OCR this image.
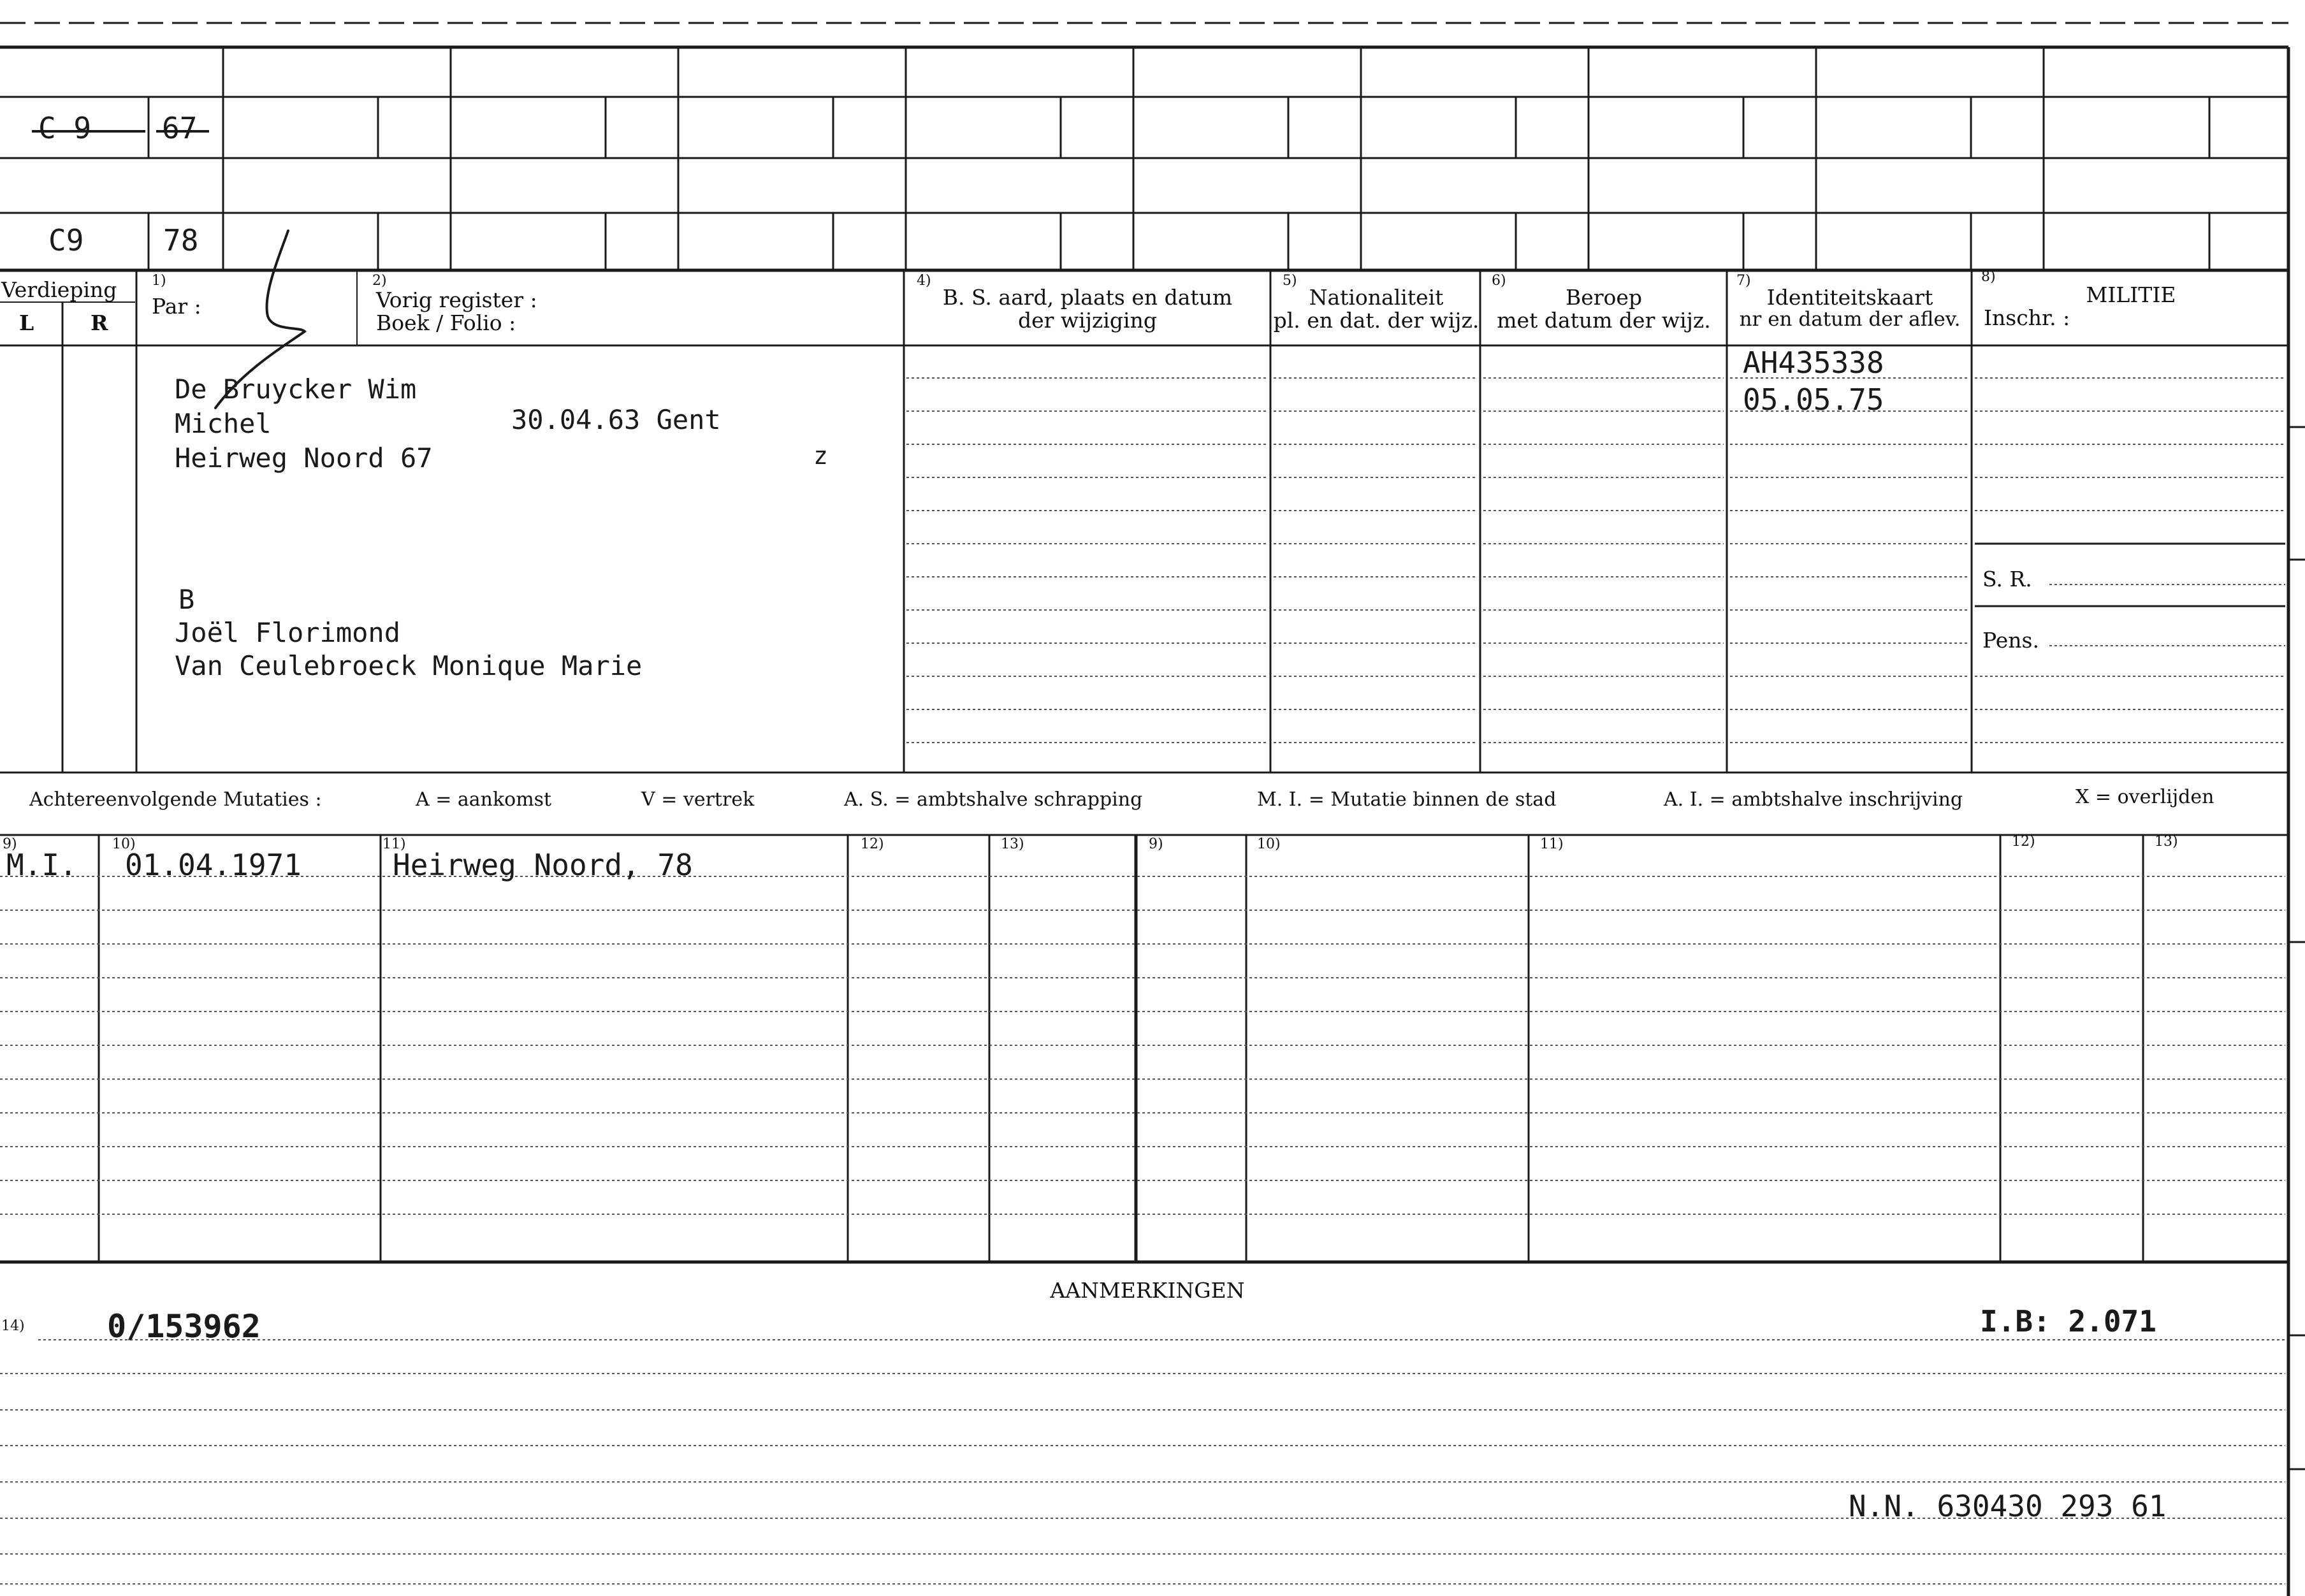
C 9 67
C9	78
Verdieping
L	R
1)
Par :
2)
Vorig register :
Boek / Folio :
4)
B. S. aard, plaats en datum
der wijziging
5)
Nationaliteit
pl. en dat. der wijz.
6)
Beroep
met datum der wijz.
7)
Identiteitskaart
nr en datum der aflev.
8)
MILITIE
Inschr. :
S. R.
Pens.
De Bruycker Wim
Michel	30.04.63 Gent
Heirweg Noord 67	z
B
Joël Florimond
Van Ceulebroeck Monique Marie
AH435338
05.05.75
Achtereenvolgende Mutaties :	A = aankomst	V = vertrek	A. S. = ambtshalve schrapping	M. I. = Mutatie binnen de stad	A. I. = ambtshalve inschrijving	X = overlijden
9)	10)	11)	12)	13)	9)	10)	11)	12)	13)
M.I. 01.04.1971	Heirweg Noord, 78
AANMERKINGEN
14)	0/153962	I.B: 2.071
N.N. 630430 293 61
